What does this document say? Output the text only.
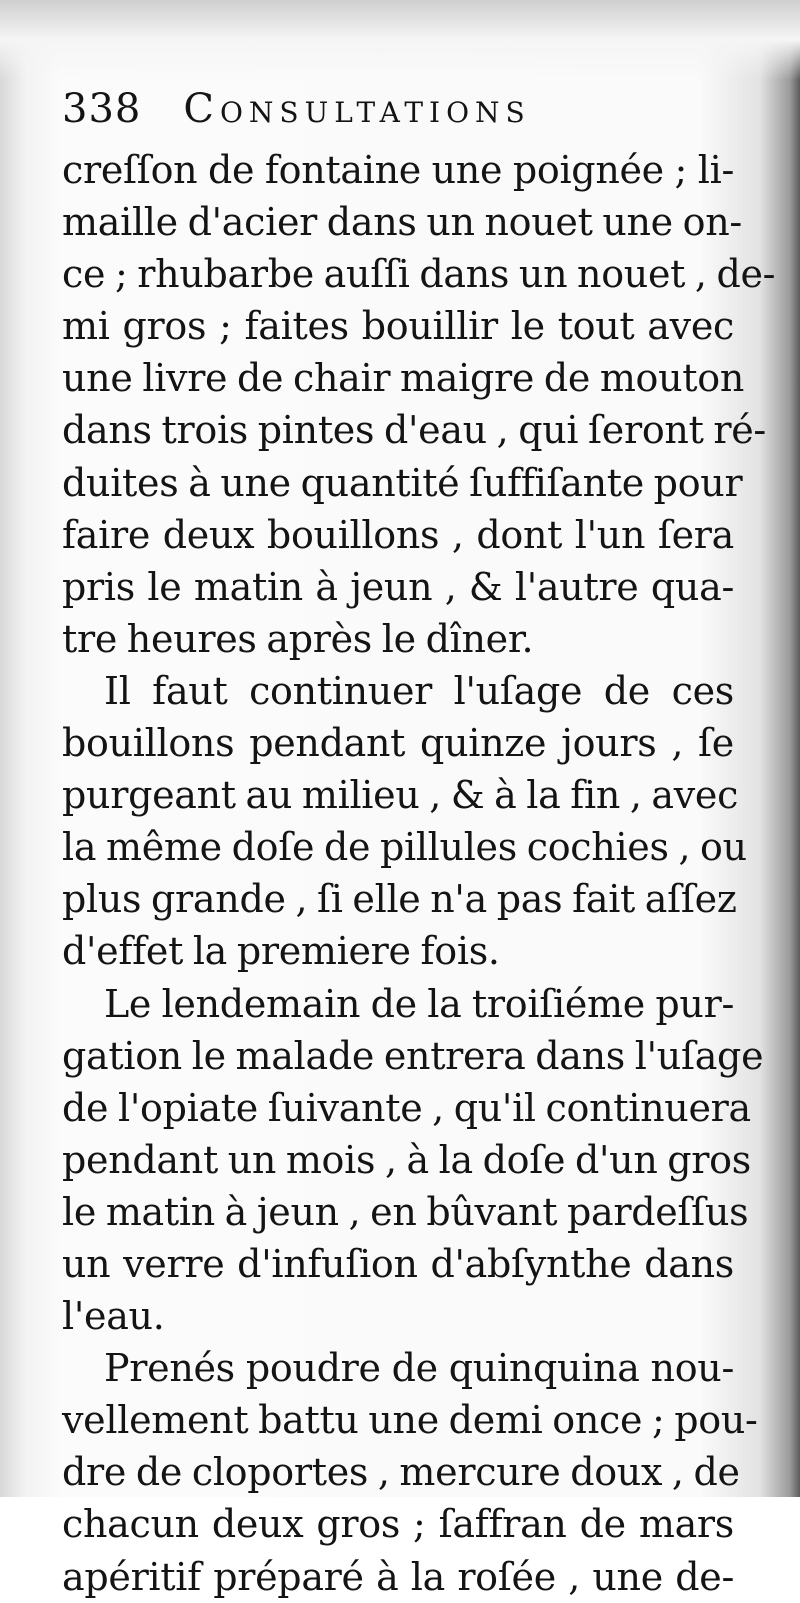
338 Consultations
creſſon de fontaine une poignée ; li-
maille d'acier dans un nouet une on-
ce ; rhubarbe auſſi dans un nouet , de-
mi gros ; faites bouillir le tout avec
une livre de chair maigre de mouton
dans trois pintes d'eau , qui ſeront ré-
duites à une quantité ſuffiſante pour
faire deux bouillons , dont l'un ſera
pris le matin à jeun , & l'autre qua-
tre heures après le dîner.
Il faut continuer l'uſage de ces
bouillons pendant quinze jours , ſe
purgeant au milieu , & à la fin , avec
la même doſe de pillules cochies , ou
plus grande , ſi elle n'a pas fait aſſez
d'effet la premiere fois.
Le lendemain de la troiſiéme pur-
gation le malade entrera dans l'uſage
de l'opiate ſuivante , qu'il continuera
pendant un mois , à la doſe d'un gros
le matin à jeun , en bûvant pardeſſus
un verre d'infuſion d'abſynthe dans
l'eau.
Prenés poudre de quinquina nou-
vellement battu une demi once ; pou-
dre de cloportes , mercure doux , de
chacun deux gros ; ſaffran de mars
apéritif préparé à la roſée , une de-
